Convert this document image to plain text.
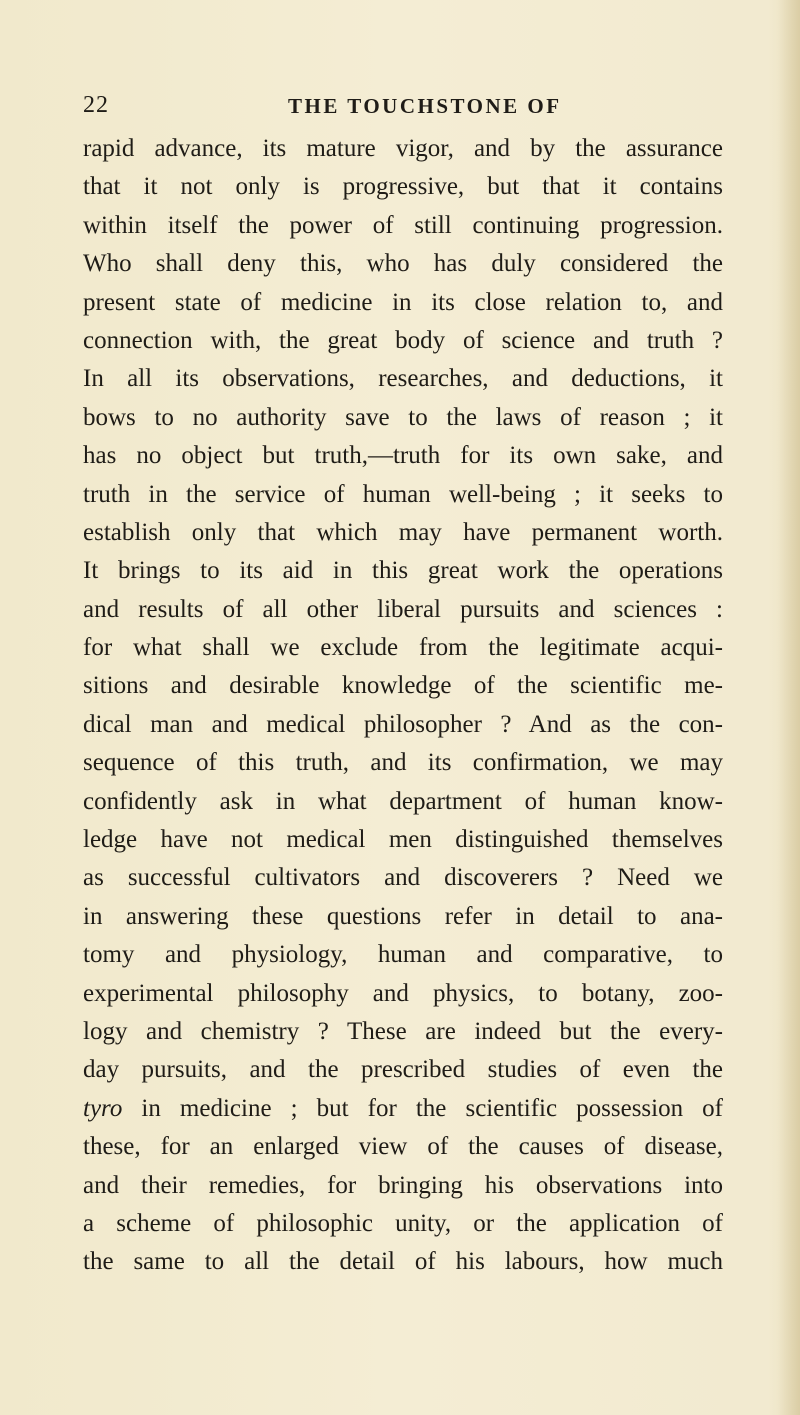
22	THE TOUCHSTONE OF
rapid advance, its mature vigor, and by the assurance
that it not only is progressive, but that it contains
within itself the power of still continuing progression.
Who shall deny this, who has duly considered the
present state of medicine in its close relation to, and
connection with, the great body of science and truth ?
In all its observations, researches, and deductions, it
bows to no authority save to the laws of reason ; it
has no object but truth,—truth for its own sake, and
truth in the service of human well-being ; it seeks to
establish only that which may have permanent worth.
It brings to its aid in this great work the operations
and results of all other liberal pursuits and sciences :
for what shall we exclude from the legitimate acqui-
sitions and desirable knowledge of the scientific me-
dical man and medical philosopher ? And as the con-
sequence of this truth, and its confirmation, we may
confidently ask in what department of human know-
ledge have not medical men distinguished themselves
as successful cultivators and discoverers ? Need we
in answering these questions refer in detail to ana-
tomy and physiology, human and comparative, to
experimental philosophy and physics, to botany, zoo-
logy and chemistry ? These are indeed but the every-
day pursuits, and the prescribed studies of even the
tyro in medicine ; but for the scientific possession of
these, for an enlarged view of the causes of disease,
and their remedies, for bringing his observations into
a scheme of philosophic unity, or the application of
the same to all the detail of his labours, how much
